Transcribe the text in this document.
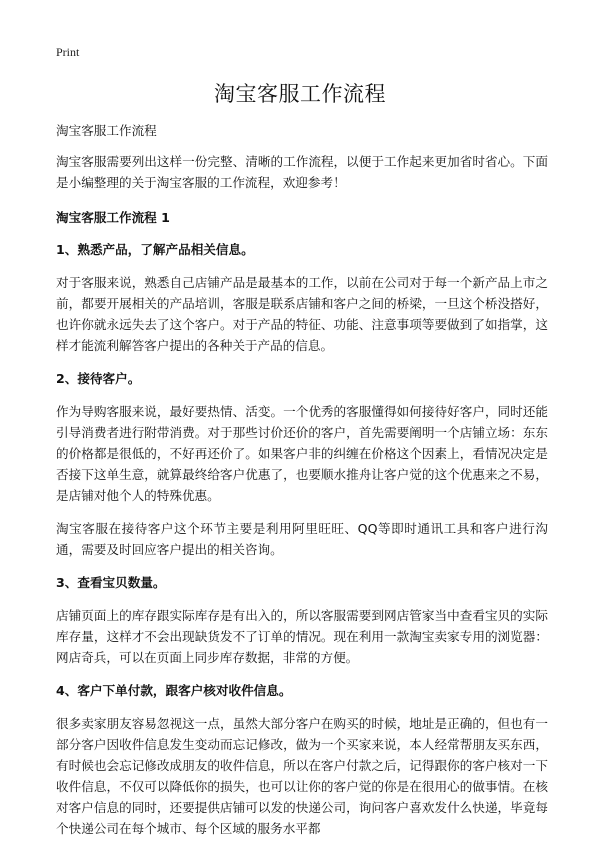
Print
淘宝客服工作流程

淘宝客服工作流程

淘宝客服需要列出这样一份完整、清晰的工作流程，以便于工作起来更加省时省心。下面是小编整理的关于淘宝客服的工作流程，欢迎参考！

淘宝客服工作流程 1

1、熟悉产品，了解产品相关信息。

对于客服来说，熟悉自己店铺产品是最基本的工作，以前在公司对于每一个新产品上市之前，都要开展相关的产品培训，客服是联系店铺和客户之间的桥梁，一旦这个桥没搭好，也许你就永远失去了这个客户。对于产品的特征、功能、注意事项等要做到了如指掌，这样才能流利解答客户提出的各种关于产品的信息。

2、接待客户。

作为导购客服来说，最好要热情、活变。一个优秀的客服懂得如何接待好客户，同时还能引导消费者进行附带消费。对于那些讨价还价的客户，首先需要阐明一个店铺立场：东东的价格都是很低的，不好再还价了。如果客户非的纠缠在价格这个因素上，看情况决定是否接下这单生意，就算最终给客户优惠了，也要顺水推舟让客户觉的这个优惠来之不易，是店铺对他个人的特殊优惠。

淘宝客服在接待客户这个环节主要是利用阿里旺旺、QQ等即时通讯工具和客户进行沟通，需要及时回应客户提出的相关咨询。

3、查看宝贝数量。

店铺页面上的库存跟实际库存是有出入的，所以客服需要到网店管家当中查看宝贝的实际库存量，这样才不会出现缺货发不了订单的情况。现在利用一款淘宝卖家专用的浏览器：网店奇兵，可以在页面上同步库存数据，非常的方便。

4、客户下单付款，跟客户核对收件信息。

很多卖家朋友容易忽视这一点，虽然大部分客户在购买的时候，地址是正确的，但也有一部分客户因收件信息发生变动而忘记修改，做为一个买家来说，本人经常帮朋友买东西，有时候也会忘记修改成朋友的收件信息，所以在客户付款之后，记得跟你的客户核对一下收件信息，不仅可以降低你的损失，也可以让你的客户觉的你是在很用心的做事情。在核对客户信息的同时，还要提供店铺可以发的快递公司，询问客户喜欢发什么快递，毕竟每个快递公司在每个城市、每个区域的服务水平都
